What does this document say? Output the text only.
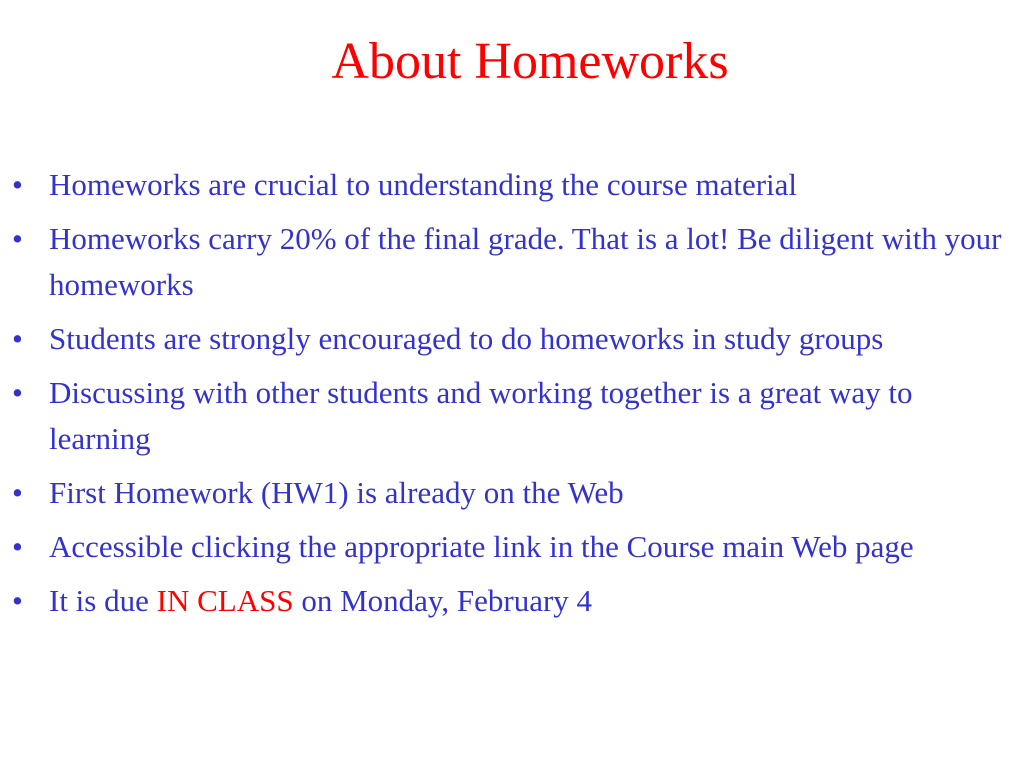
About Homeworks
• Homeworks are crucial to understanding the course material
• Homeworks carry 20% of the final grade. That is a lot! Be diligent with your homeworks
• Students are strongly encouraged to do homeworks in study groups
• Discussing with other students and working together is a great way to learning
• First Homework (HW1) is already on the Web
• Accessible clicking the appropriate link in the Course main Web page
• It is due IN CLASS on Monday, February 4
